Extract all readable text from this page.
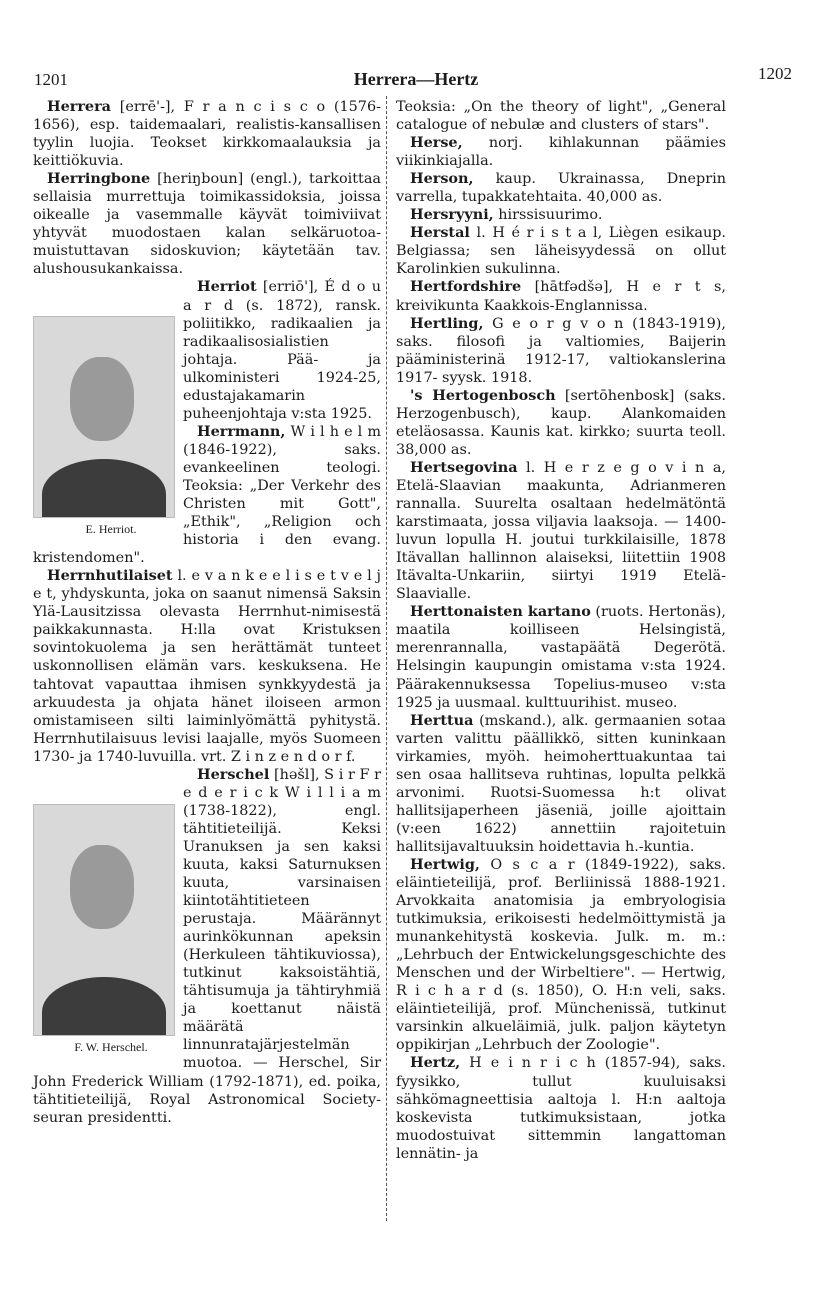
1201	Herrera—Hertz	1202

Herrera [errē'-], F r a n c i s c o (1576-1656), esp. taidemaalari, realistis-kansallisen tyylin luojia. Teokset kirkkomaalauksia ja keittiökuvia.

Herringbone [heriŋboun] (engl.), tarkoittaa sellaisia murrettuja toimikassidoksia, joissa oikealle ja vasemmalle käyvät toimiviivat yhtyvät muodostaen kalan selkäruotoa- muistuttavan sidoskuvion; käytetään tav. alushousukankaissa.

E. Herriot.
Herriot [erriō'], É d o u a r d (s. 1872), ransk. poliitikko, radikaalien ja radikaalisosialistien johtaja. Pää- ja ulkoministeri 1924-25, edustajakamarin puheenjohtaja v:sta 1925.

Herrmann, W i l h e l m (1846-1922), saks. evankeelinen teologi. Teoksia: „Der Verkehr des Christen mit Gott", „Ethik", „Religion och historia i den evang. kristendomen".

Herrnhutilaiset l. e v a n k e e l i s e t v e l j e t, yhdyskunta, joka on saanut nimensä Saksin Ylä-Lausitzissa olevasta Herrnhut-nimisestä paikkakunnasta. H:lla ovat Kristuksen sovintokuolema ja sen herättämät tunteet uskonnollisen elämän vars. keskuksena. He tahtovat vapauttaa ihmisen synkkyydestä ja arkuudesta ja ohjata hänet iloiseen armon omistamiseen silti laiminlyömättä pyhitystä. Herrnhutilaisuus levisi laajalle, myös Suomeen 1730- ja 1740-luvuilla. vrt. Z i n z e n d o r f.

F. W. Herschel.
Herschel [hǝšl], S i r F r e d e r i c k W i l l i a m (1738-1822), engl. tähtitieteilijä. Keksi Uranuksen ja sen kaksi kuuta, kaksi Saturnuksen kuuta, varsinaisen kiintotähtitieteen perustaja. Määrännyt aurinkökunnan apeksin (Herkuleen tähtikuviossa), tutkinut kaksoistähtiä, tähtisumuja ja tähtiryhmiä ja koettanut näistä määrätä linnunratajärjestelmän muotoa. — Herschel, Sir John Frederick William (1792-1871), ed. poika, tähtitieteilijä, Royal Astronomical Society-seuran presidentti.

Teoksia: „On the theory of light", „General catalogue of nebulæ and clusters of stars".

Herse, norj. kihlakunnan päämies viikinkiajalla.

Herson, kaup. Ukrainassa, Dneprin varrella, tupakkatehtaita. 40,000 as.

Hersryyni, hirssisuurimo.

Herstal l. H é r i s t a l, Liègen esikaup. Belgiassa; sen läheisyydessä on ollut Karolinkien sukulinna.

Hertfordshire [hātfǝdšǝ], H e r t s, kreivikunta Kaakkois-Englannissa.

Hertling, G e o r g v o n (1843-1919), saks. filosofi ja valtiomies, Baijerin pääministerinä 1912-17, valtiokanslerina 1917- syysk. 1918.

's Hertogenbosch [sertōhenbosk] (saks. Herzogenbusch), kaup. Alankomaiden eteläosassa. Kaunis kat. kirkko; suurta teoll. 38,000 as.

Hertsegovina l. H e r z e g o v i n a, Etelä-Slaavian maakunta, Adrianmeren rannalla. Suurelta osaltaan hedelmätöntä karstimaata, jossa viljavia laaksoja. — 1400-luvun lopulla H. joutui turkkilaisille, 1878 Itävallan hallinnon alaiseksi, liitettiin 1908 Itävalta-Unkariin, siirtyi 1919 Etelä-Slaavialle.

Herttonaisten kartano (ruots. Hertonäs), maatila koilliseen Helsingistä, merenrannalla, vastapäätä Degerötä. Helsingin kaupungin omistama v:sta 1924. Päärakennuksessa Topelius-museo v:sta 1925 ja uusmaal. kulttuurihist. museo.

Herttua (mskand.), alk. germaanien sotaa varten valittu päällikkö, sitten kuninkaan virkamies, myöh. heimoherttuakuntaa tai sen osaa hallitseva ruhtinas, lopulta pelkkä arvonimi. Ruotsi-Suomessa h:t olivat hallitsijaperheen jäseniä, joille ajoittain (v:een 1622) annettiin rajoitetuin hallitsijavaltuuksin hoidettavia h.-kuntia.

Hertwig, O s c a r (1849-1922), saks. eläintieteilijä, prof. Berliinissä 1888-1921. Arvokkaita anatomisia ja embryologisia tutkimuksia, erikoisesti hedelmöittymistä ja munankehitystä koskevia. Julk. m. m.: „Lehrbuch der Entwickelungsgeschichte des Menschen und der Wirbeltiere". — Hertwig, R i c h a r d (s. 1850), O. H:n veli, saks. eläintieteilijä, prof. Münchenissä, tutkinut varsinkin alkueläimiä, julk. paljon käytetyn oppikirjan „Lehrbuch der Zoologie".

Hertz, H e i n r i c h (1857-94), saks. fyysikko, tullut kuuluisaksi sähkömagneettisia aaltoja l. H:n aaltoja koskevista tutkimuksistaan, jotka muodostuivat sittemmin langattoman lennätin- ja
